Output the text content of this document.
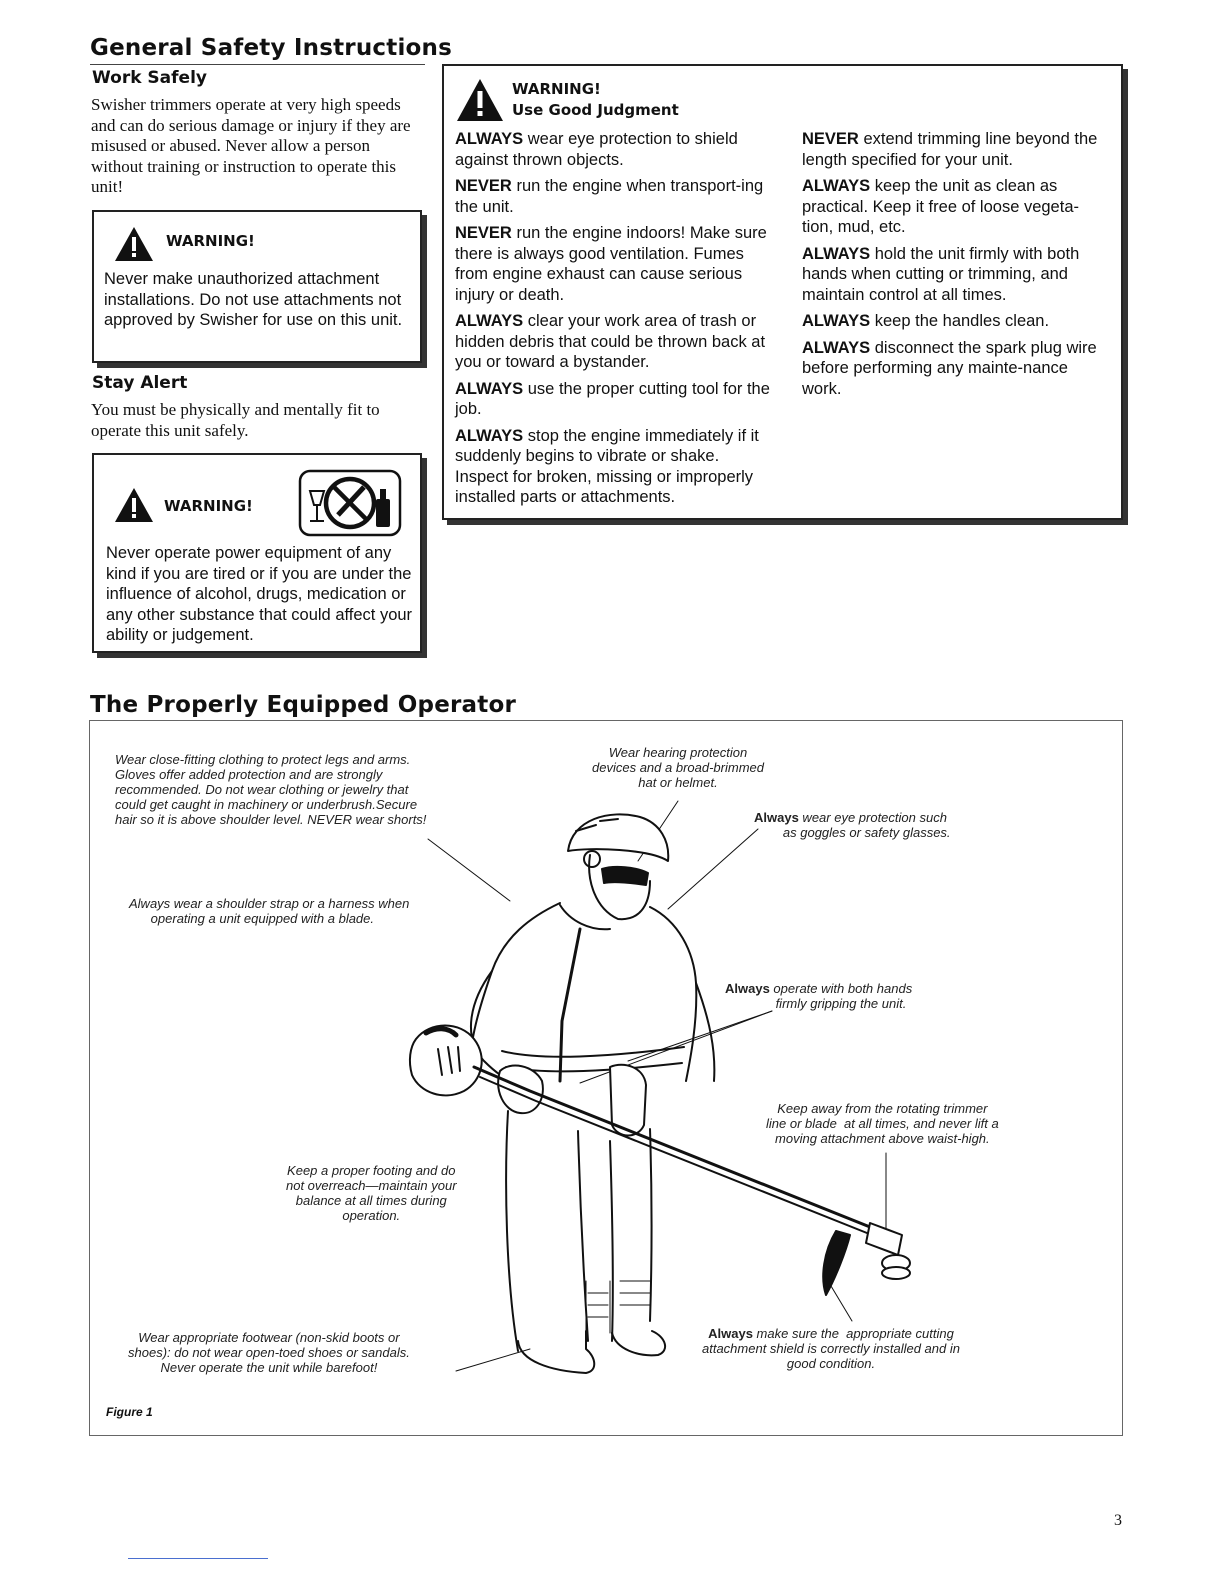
General Safety Instructions
Work Safely
Swisher trimmers operate at very high speeds and can do serious damage or injury if they are misused or abused. Never allow a person without training or instruction to operate this unit!
WARNING!
Never make unauthorized attachment installations. Do not use attachments not approved by Swisher for use on this unit.
Stay Alert
You must be physically and mentally fit to operate this unit safely.
WARNING!
Never operate power equipment of any kind if you are tired or if you are under the influence of alcohol, drugs, medication or any other substance that could affect your ability or judgement.
WARNING!
Use Good Judgment

ALWAYS wear eye protection to shield against thrown objects.

NEVER run the engine when transport-ing the unit.

NEVER run the engine indoors! Make sure there is always good ventilation. Fumes from engine exhaust can cause serious injury or death.

ALWAYS clear your work area of trash or hidden debris that could be thrown back at you or toward a bystander.

ALWAYS use the proper cutting tool for the job.

ALWAYS stop the engine immediately if it suddenly begins to vibrate or shake. Inspect for broken, missing or improperly installed parts or attachments.

NEVER extend trimming line beyond the length specified for your unit.

ALWAYS keep the unit as clean as practical. Keep it free of loose vegeta-tion, mud, etc.

ALWAYS hold the unit firmly with both hands when cutting or trimming, and maintain control at all times.

ALWAYS keep the handles clean.

ALWAYS disconnect the spark plug wire before performing any mainte-nance work.

The Properly Equipped Operator
Wear close-fitting clothing to protect legs and arms.
Gloves offer added protection and are strongly
recommended. Do not wear clothing or jewelry that
could get caught in machinery or underbrush.Secure
hair so it is above shoulder level. NEVER wear shorts!
Wear hearing protection
devices and a broad-brimmed
hat or helmet.
Always wear eye protection such
as goggles or safety glasses.
Always wear a shoulder strap or a harness when
operating a unit equipped with a blade.
Always operate with both hands
firmly gripping the unit.
Keep away from the rotating trimmer
line or blade  at all times, and never lift a
moving attachment above waist-high.
Keep a proper footing and do
not overreach—maintain your
balance at all times during
operation.
Wear appropriate footwear (non-skid boots or
shoes): do not wear open-toed shoes or sandals.
Never operate the unit while barefoot!
Always make sure the  appropriate cutting
attachment shield is correctly installed and in
good condition.
Figure 1
3
